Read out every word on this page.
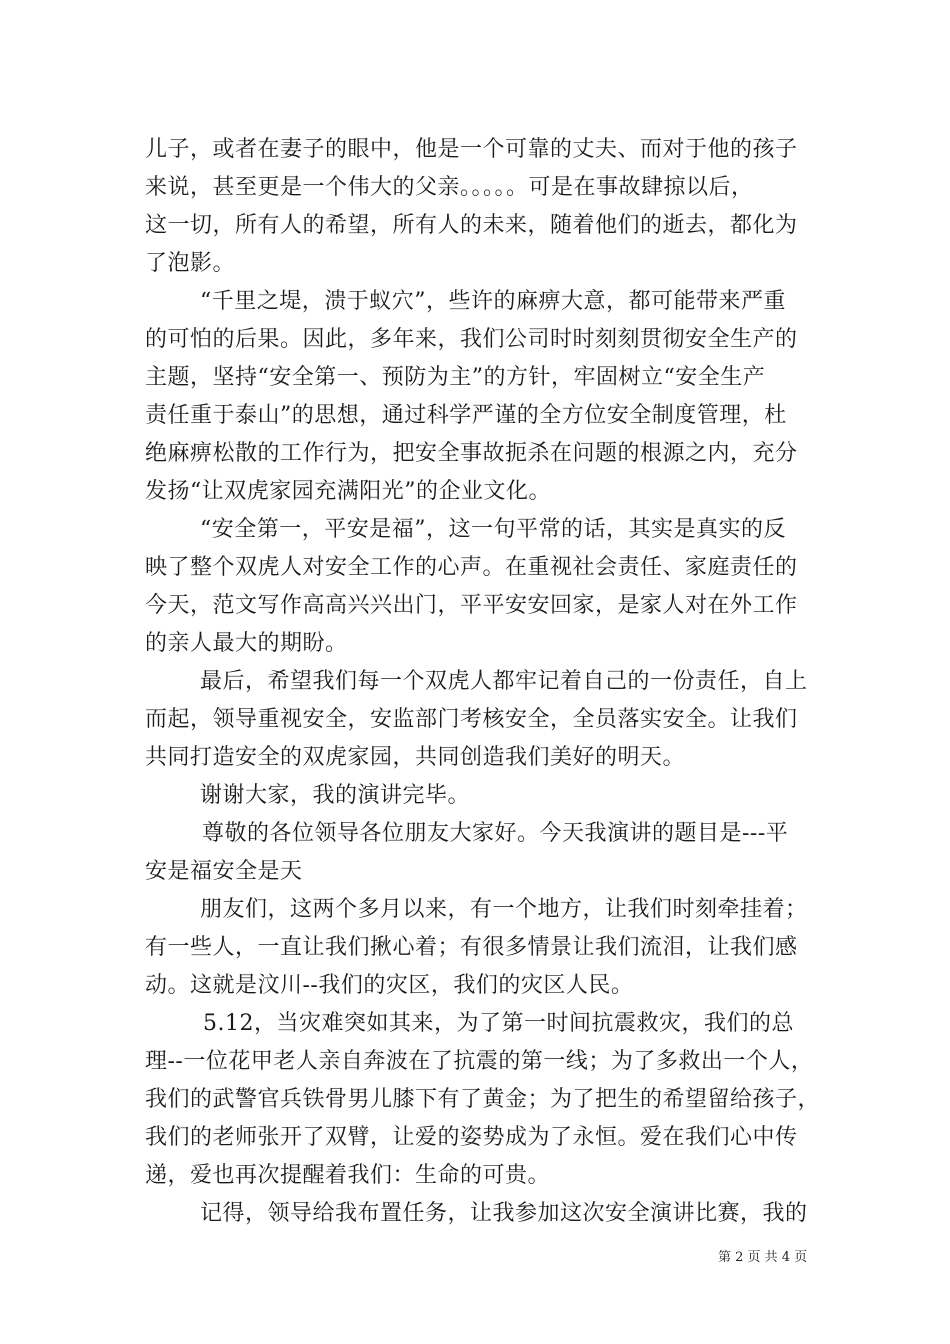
儿子，或者在妻子的眼中，他是一个可靠的丈夫、而对于他的孩子

来说，甚至更是一个伟大的父亲。。。。。可是在事故肆掠以后，

这一切，所有人的希望，所有人的未来，随着他们的逝去，都化为

了泡影。

“千里之堤，溃于蚁穴”，些许的麻痹大意，都可能带来严重

的可怕的后果。因此，多年来，我们公司时时刻刻贯彻安全生产的

主题，坚持“安全第一、预防为主”的方针，牢固树立“安全生产

责任重于泰山”的思想，通过科学严谨的全方位安全制度管理，杜

绝麻痹松散的工作行为，把安全事故扼杀在问题的根源之内，充分

发扬“让双虎家园充满阳光”的企业文化。

“安全第一，平安是福”，这一句平常的话，其实是真实的反

映了整个双虎人对安全工作的心声。在重视社会责任、家庭责任的

今天，范文写作高高兴兴出门，平平安安回家，是家人对在外工作

的亲人最大的期盼。

最后，希望我们每一个双虎人都牢记着自己的一份责任，自上

而起，领导重视安全，安监部门考核安全，全员落实安全。让我们

共同打造安全的双虎家园，共同创造我们美好的明天。

谢谢大家，我的演讲完毕。

尊敬的各位领导各位朋友大家好。今天我演讲的题目是---平

安是福安全是天

朋友们，这两个多月以来，有一个地方，让我们时刻牵挂着；

有一些人，一直让我们揪心着；有很多情景让我们流泪，让我们感

动。这就是汶川--我们的灾区，我们的灾区人民。

5.12，当灾难突如其来，为了第一时间抗震救灾，我们的总

理--一位花甲老人亲自奔波在了抗震的第一线；为了多救出一个人，

我们的武警官兵铁骨男儿膝下有了黄金；为了把生的希望留给孩子，

我们的老师张开了双臂，让爱的姿势成为了永恒。爱在我们心中传

递，爱也再次提醒着我们：生命的可贵。

记得，领导给我布置任务，让我参加这次安全演讲比赛，我的

第 2 页 共 4 页
